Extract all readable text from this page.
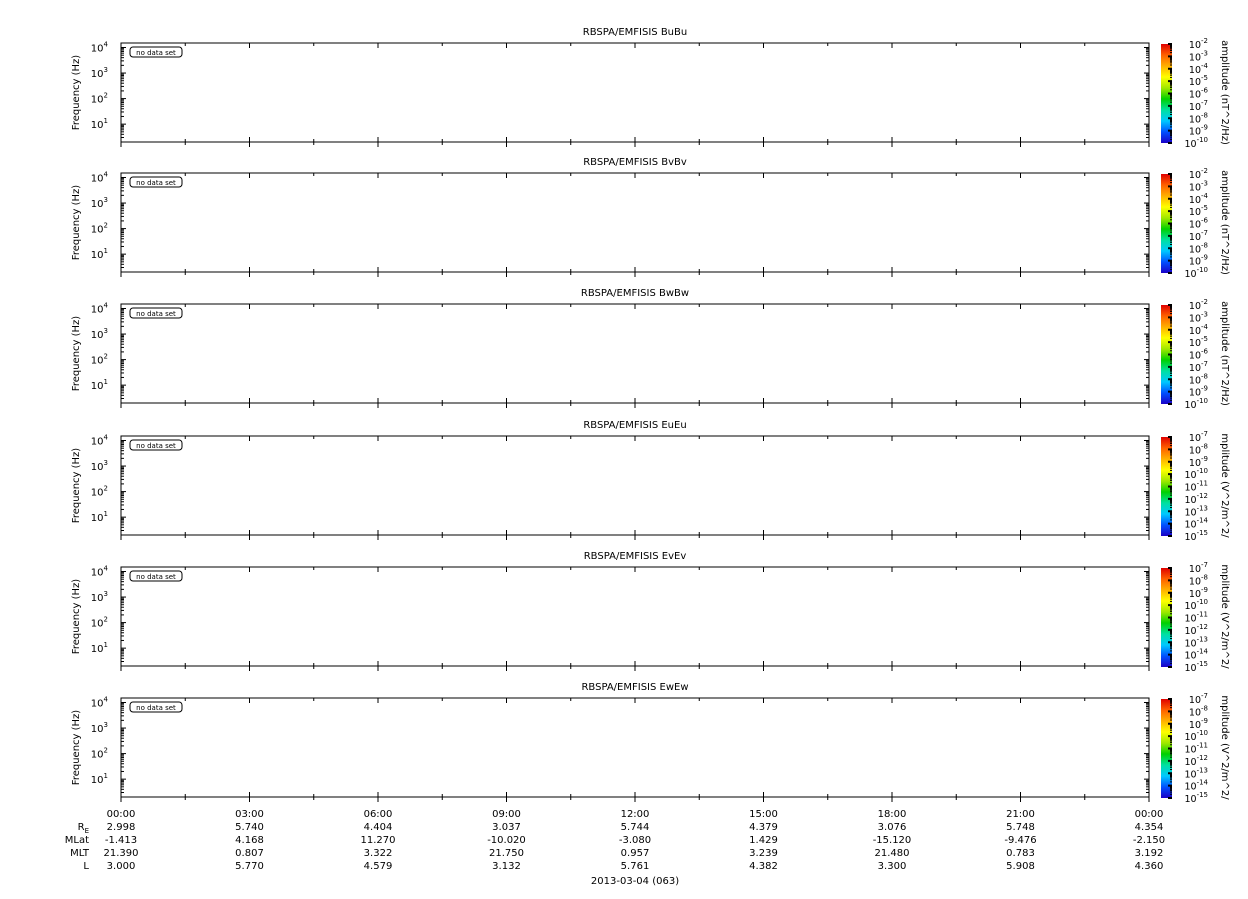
RBSPA/EMFISIS BuBu
$10^1$
$10^2$
$10^3$
$10^4$
Frequency (Hz)
no data set
$10^{-2}$
$10^{-3}$
$10^{-4}$
$10^{-5}$
$10^{-6}$
$10^{-7}$
$10^{-8}$
$10^{-9}$
$10^{-10}$ amplitude (nT^2/Hz)
RBSPA/EMFISIS BvBv
$10^1$
$10^2$
$10^3$
$10^4$
Frequency (Hz)
no data set
$10^{-2}$
$10^{-3}$
$10^{-4}$
$10^{-5}$
$10^{-6}$
$10^{-7}$
$10^{-8}$
$10^{-9}$
$10^{-10}$ amplitude (nT^2/Hz)
RBSPA/EMFISIS BwBw
$10^1$
$10^2$
$10^3$
$10^4$
Frequency (Hz)
no data set
$10^{-2}$
$10^{-3}$
$10^{-4}$
$10^{-5}$
$10^{-6}$
$10^{-7}$
$10^{-8}$
$10^{-9}$
$10^{-10}$ amplitude (nT^2/Hz)
RBSPA/EMFISIS EuEu
$10^1$
$10^2$
$10^3$
$10^4$
Frequency (Hz)
no data set
$10^{-7}$
$10^{-8}$
$10^{-9}$
$10^{-10}$
$10^{-11}$
$10^{-12}$
$10^{-13}$
$10^{-14}$
$10^{-15}$ mplitude (V^2/m^2/
RBSPA/EMFISIS EvEv
$10^1$
$10^2$
$10^3$
$10^4$
Frequency (Hz)
no data set
$10^{-7}$
$10^{-8}$
$10^{-9}$
$10^{-10}$
$10^{-11}$
$10^{-12}$
$10^{-13}$
$10^{-14}$
$10^{-15}$ mplitude (V^2/m^2/
RBSPA/EMFISIS EwEw
$10^1$
$10^2$
$10^3$
$10^4$
Frequency (Hz)
no data set
$10^{-7}$
$10^{-8}$
$10^{-9}$
$10^{-10}$
$10^{-11}$
$10^{-12}$
$10^{-13}$
$10^{-14}$
$10^{-15}$ mplitude (V^2/m^2/
00:00	03:00	06:00	09:00	12:00	15:00	18:00	21:00	00:00
$R_E$ 2.998	5.740	4.404	3.037	5.744	4.379	3.076	5.748	4.354
MLat -1.413	4.168	11.270	-10.020	-3.080	1.429	-15.120	-9.476	-2.150
MLT 21.390	0.807	3.322	21.750	0.957	3.239	21.480	0.783	3.192
L 3.000	5.770	4.579	3.132	5.761	4.382	3.300	5.908	4.360
2013-03-04 (063)
